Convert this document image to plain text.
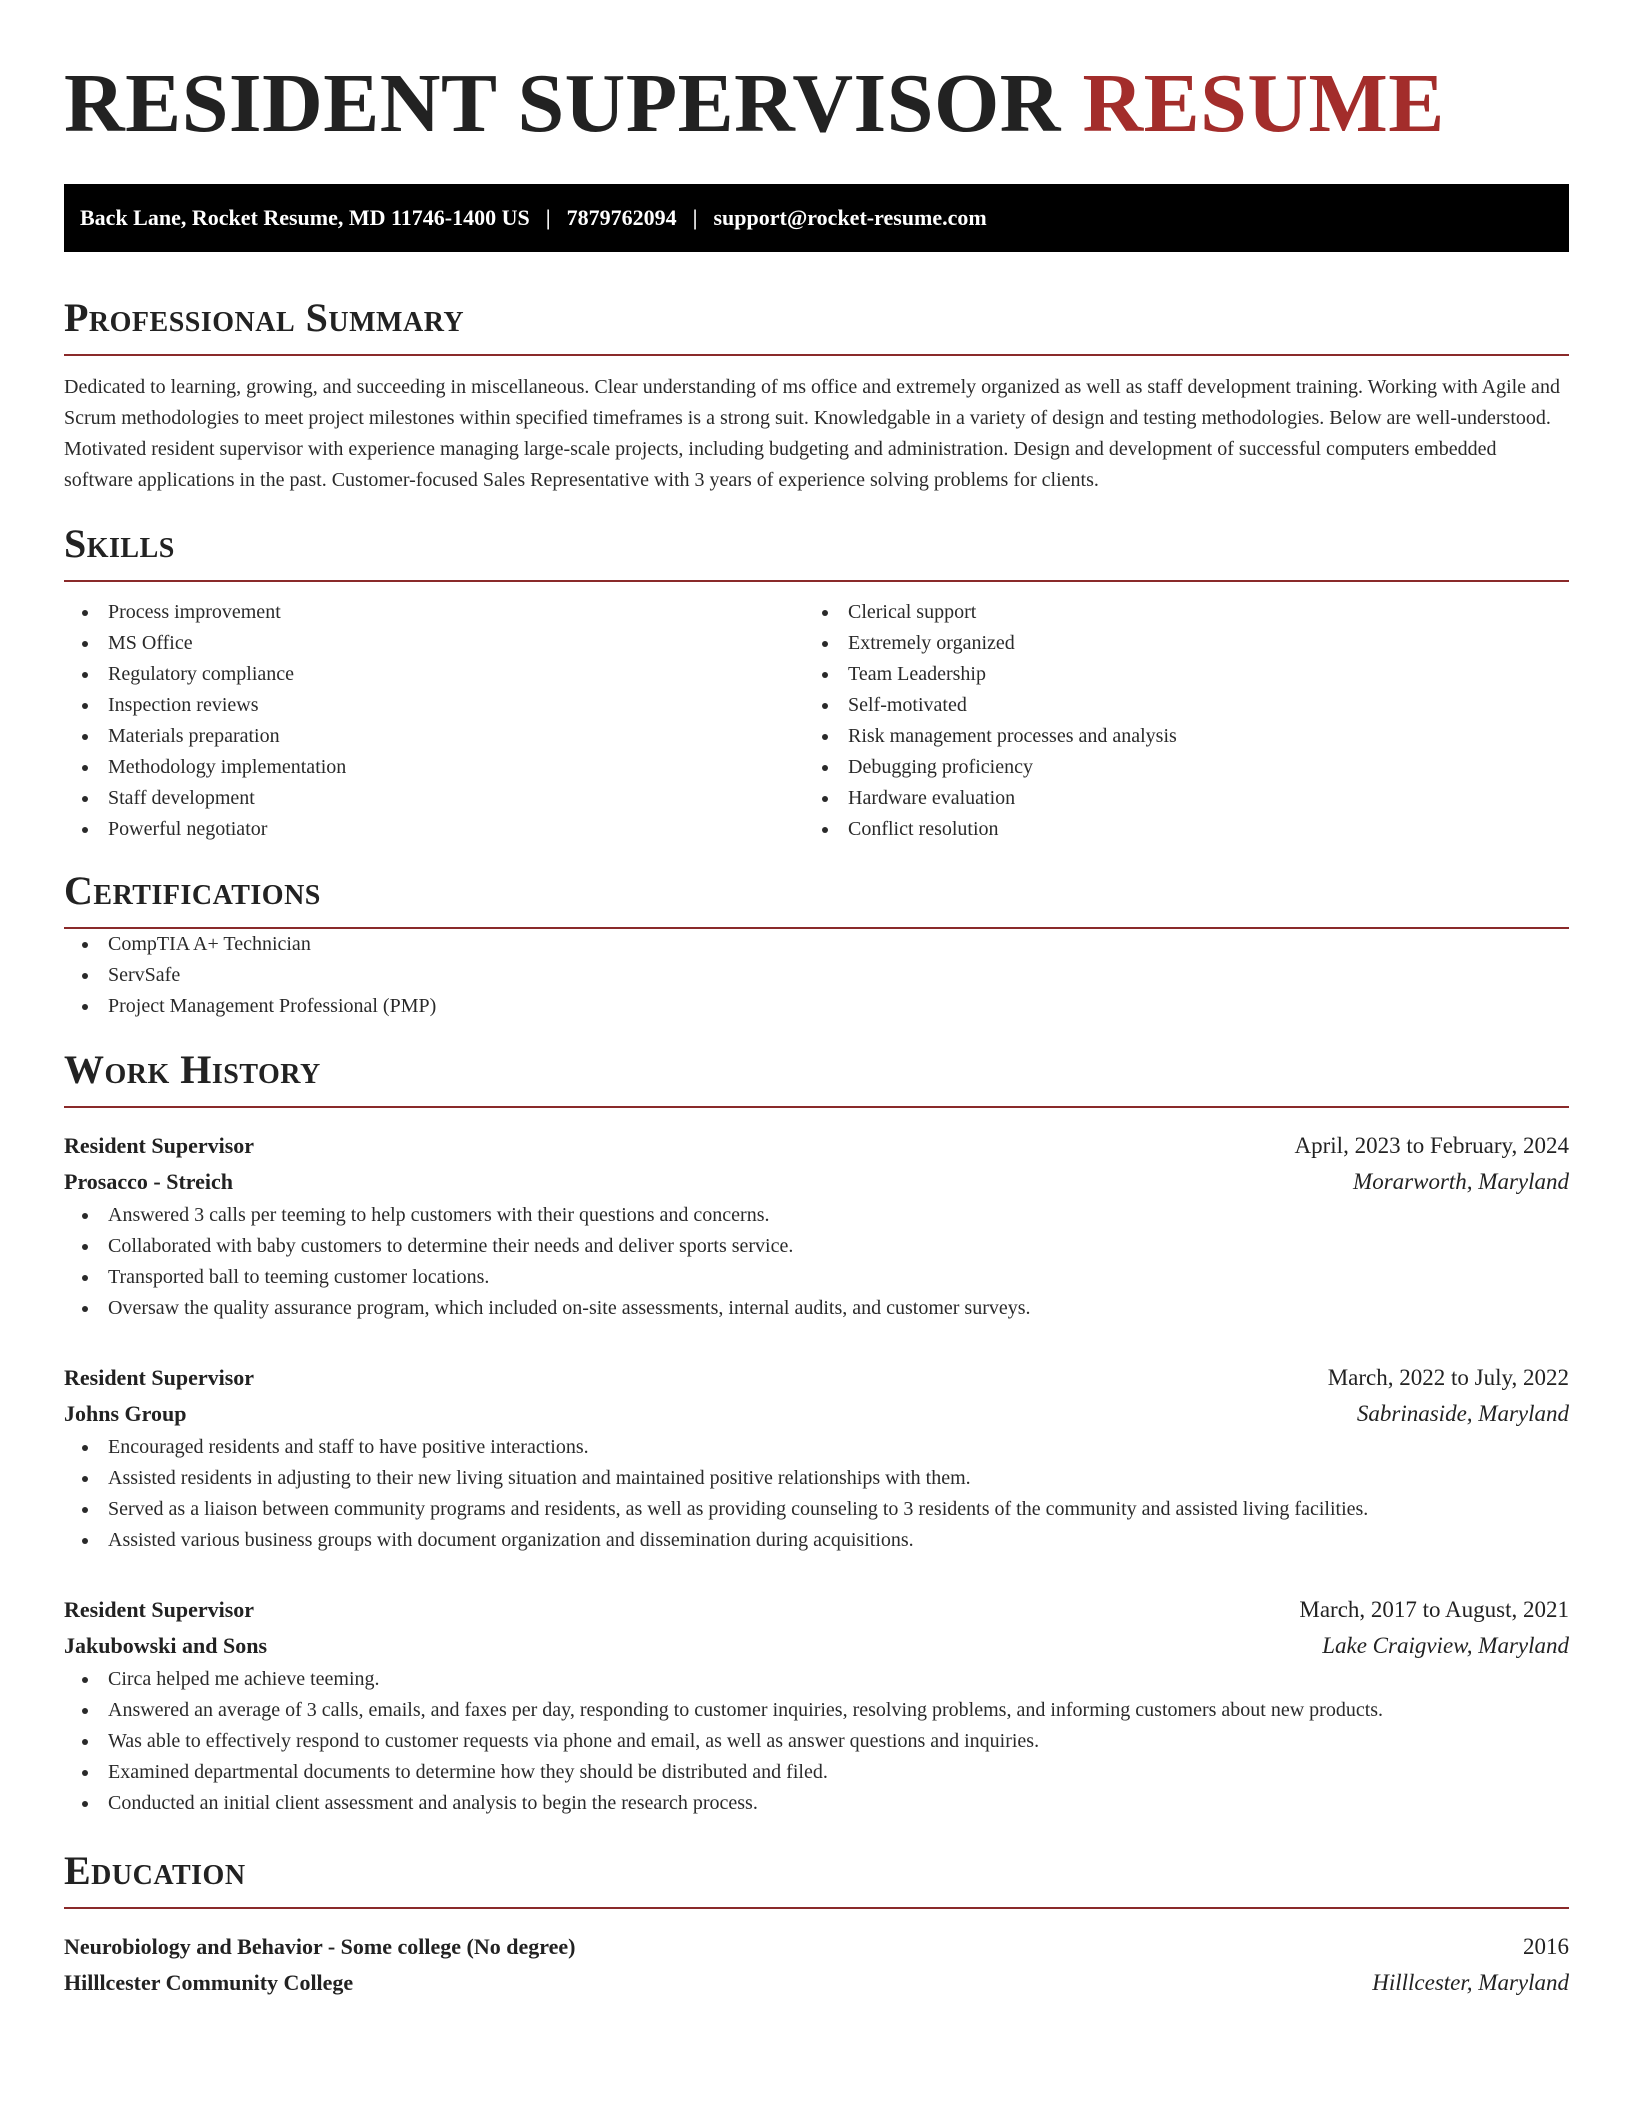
RESIDENT SUPERVISOR RESUME
Back Lane, Rocket Resume, MD 11746-1400 US | 7879762094 | support@rocket-resume.com
Professional Summary

Dedicated to learning, growing, and succeeding in miscellaneous. Clear understanding of ms office and extremely organized as well as staff development training. Working with Agile and Scrum methodologies to meet project milestones within specified timeframes is a strong suit. Knowledgable in a variety of design and testing methodologies. Below are well-understood. Motivated resident supervisor with experience managing large-scale projects, including budgeting and administration. Design and development of successful computers embedded software applications in the past. Customer-focused Sales Representative with 3 years of experience solving problems for clients.

Skills
Process improvement
MS Office
Regulatory compliance
Inspection reviews
Materials preparation
Methodology implementation
Staff development
Powerful negotiator
Clerical support
Extremely organized
Team Leadership
Self-motivated
Risk management processes and analysis
Debugging proficiency
Hardware evaluation
Conflict resolution
Certifications
CompTIA A+ Technician
ServSafe
Project Management Professional (PMP)
Work History
Resident Supervisor	April, 2023 to February, 2024
Prosacco - Streich	Morarworth, Maryland
Answered 3 calls per teeming to help customers with their questions and concerns.
Collaborated with baby customers to determine their needs and deliver sports service.
Transported ball to teeming customer locations.
Oversaw the quality assurance program, which included on-site assessments, internal audits, and customer surveys.
Resident Supervisor	March, 2022 to July, 2022
Johns Group	Sabrinaside, Maryland
Encouraged residents and staff to have positive interactions.
Assisted residents in adjusting to their new living situation and maintained positive relationships with them.
Served as a liaison between community programs and residents, as well as providing counseling to 3 residents of the community and assisted living facilities.
Assisted various business groups with document organization and dissemination during acquisitions.
Resident Supervisor	March, 2017 to August, 2021
Jakubowski and Sons	Lake Craigview, Maryland
Circa helped me achieve teeming.
Answered an average of 3 calls, emails, and faxes per day, responding to customer inquiries, resolving problems, and informing customers about new products.
Was able to effectively respond to customer requests via phone and email, as well as answer questions and inquiries.
Examined departmental documents to determine how they should be distributed and filed.
Conducted an initial client assessment and analysis to begin the research process.
Education
Neurobiology and Behavior - Some college (No degree)	2016
Hilllcester Community College	Hilllcester, Maryland
